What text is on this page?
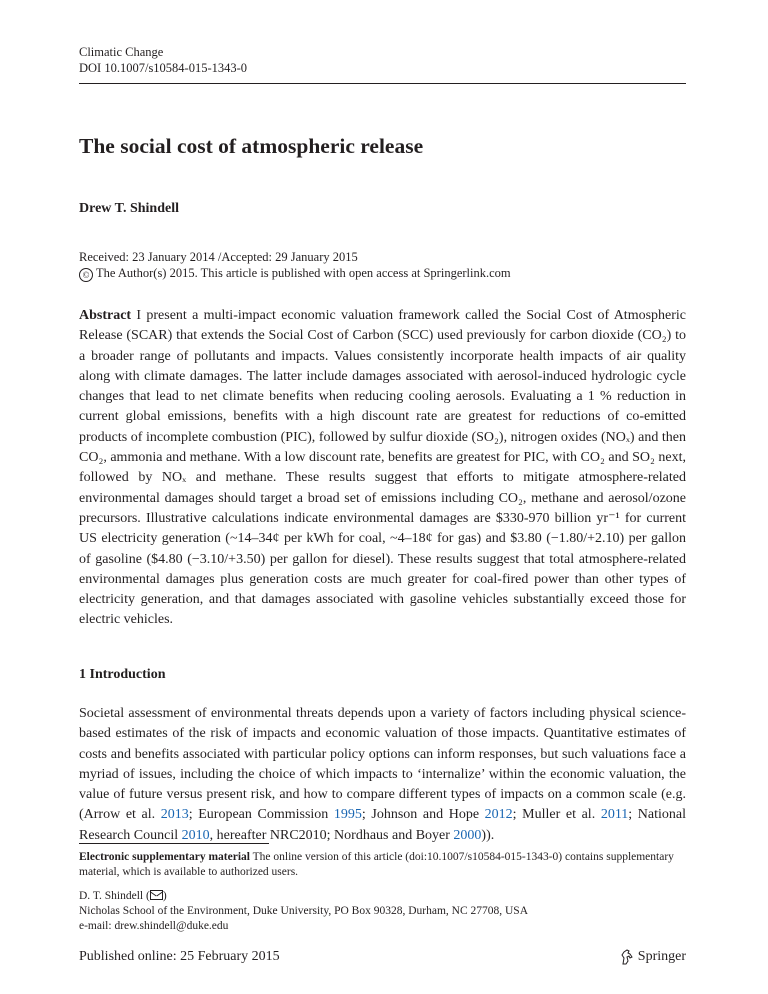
Climatic Change
DOI 10.1007/s10584-015-1343-0
The social cost of atmospheric release
Drew T. Shindell
Received: 23 January 2014 /Accepted: 29 January 2015
© The Author(s) 2015. This article is published with open access at Springerlink.com

Abstract I present a multi-impact economic valuation framework called the Social Cost of Atmospheric Release (SCAR) that extends the Social Cost of Carbon (SCC) used previously for carbon dioxide (CO₂) to a broader range of pollutants and impacts. Values consistently incorporate health impacts of air quality along with climate damages. The latter include damages associated with aerosol-induced hydrologic cycle changes that lead to net climate benefits when reducing cooling aerosols. Evaluating a 1 % reduction in current global emissions, benefits with a high discount rate are greatest for reductions of co-emitted products of incomplete combustion (PIC), followed by sulfur dioxide (SO₂), nitrogen oxides (NOₓ) and then CO₂, ammonia and methane. With a low discount rate, benefits are greatest for PIC, with CO₂ and SO₂ next, followed by NOₓ and methane. These results suggest that efforts to mitigate atmosphere-related environmental damages should target a broad set of emissions including CO₂, methane and aerosol/ozone precursors. Illustrative calculations indicate environmental damages are $330-970 billion yr⁻¹ for current US electricity generation (~14–34¢ per kWh for coal, ~4–18¢ for gas) and $3.80 (−1.80/+2.10) per gallon of gasoline ($4.80 (−3.10/+3.50) per gallon for diesel). These results suggest that total atmosphere-related environmental damages plus generation costs are much greater for coal-fired power than other types of electricity generation, and that damages associated with gasoline vehicles substantially exceed those for electric vehicles.

1 Introduction

Societal assessment of environmental threats depends upon a variety of factors including physical science-based estimates of the risk of impacts and economic valuation of those impacts. Quantitative estimates of costs and benefits associated with particular policy options can inform responses, but such valuations face a myriad of issues, including the choice of which impacts to ‘internalize’ within the economic valuation, the value of future versus present risk, and how to compare different types of impacts on a common scale (e.g. (Arrow et al. 2013; European Commission 1995; Johnson and Hope 2012; Muller et al. 2011; National Research Council 2010, hereafter NRC2010; Nordhaus and Boyer 2000)).

Electronic supplementary material The online version of this article (doi:10.1007/s10584-015-1343-0) contains supplementary material, which is available to authorized users.

D. T. Shindell ( )
Nicholas School of the Environment, Duke University, PO Box 90328, Durham, NC 27708, USA
e-mail: drew.shindell@duke.edu
Published online: 25 February 2015	Springer
